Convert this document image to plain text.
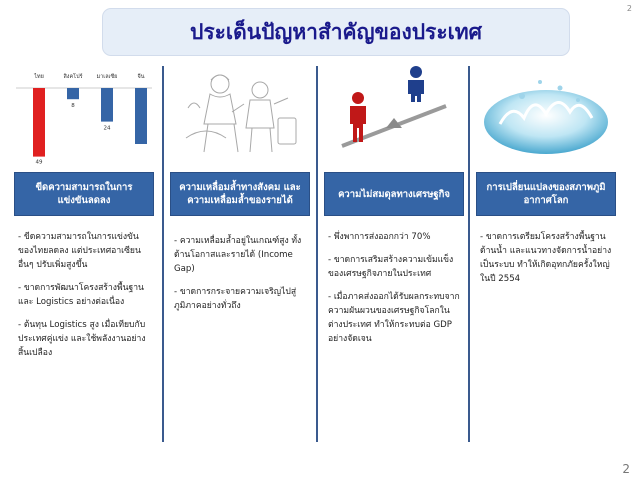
2
ประเด็นปัญหาสำคัญของประเทศ
ไทย
49
สิงคโปร์
8
มาเลเซีย
24
จีน
ขีดความสามารถในการแข่งขันลดลง

- ขีดความสามารถในการแข่งขันของไทยลดลง แต่ประเทศอาเซียนอื่นๆ ปรับเพิ่มสูงขึ้น

- ขาดการพัฒนาโครงสร้างพื้นฐานและ Logistics อย่างต่อเนื่อง

- ต้นทุน Logistics สูง เมื่อเทียบกับประเทศคู่แข่ง และใช้พลังงานอย่างสิ้นเปลือง

ความเหลื่อมล้ำทางสังคม และ ความเหลื่อมล้ำของรายได้

- ความเหลื่อมล้ำอยู่ในเกณฑ์สูง ทั้งด้านโอกาสและรายได้ (Income Gap)

- ขาดการกระจายความเจริญไปสู่ภูมิภาคอย่างทั่วถึง

ความไม่สมดุลทางเศรษฐกิจ

- พึ่งพาการส่งออกกว่า 70%

- ขาดการเสริมสร้างความเข้มแข็งของเศรษฐกิจภายในประเทศ

- เมื่อภาคส่งออกได้รับผลกระทบจากความผันผวนของเศรษฐกิจโลกในต่างประเทศ ทำให้กระทบต่อ GDP อย่างจัดเจน

การเปลี่ยนแปลงของสภาพภูมิอากาศโลก

- ขาดการเตรียมโครงสร้างพื้นฐานด้านน้ำ และแนวทางจัดการน้ำอย่างเป็นระบบ ทำให้เกิดอุทกภัยครั้งใหญ่ในปี 2554

2
